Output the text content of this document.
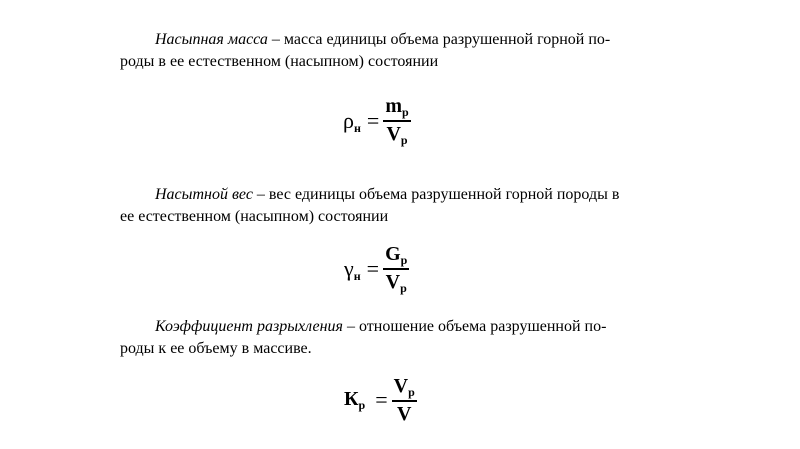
Насыпная масса – масса единицы объема разрушенной горной по-
роды в ее естественном (насыпном) состоянии
ρ $н = \frac{\text{m р}}{\text{V р}}$
Насытной вес – вес единицы объема разрушенной горной породы в
ее естественном (насыпном) состоянии
γ $н = \frac{\text{G р}}{\text{V р}}$
Коэффициент разрыхления – отношение объема разрушенной по-
роды к ее объему в массиве.
К $р = \frac{\text{V р}}{V}$
